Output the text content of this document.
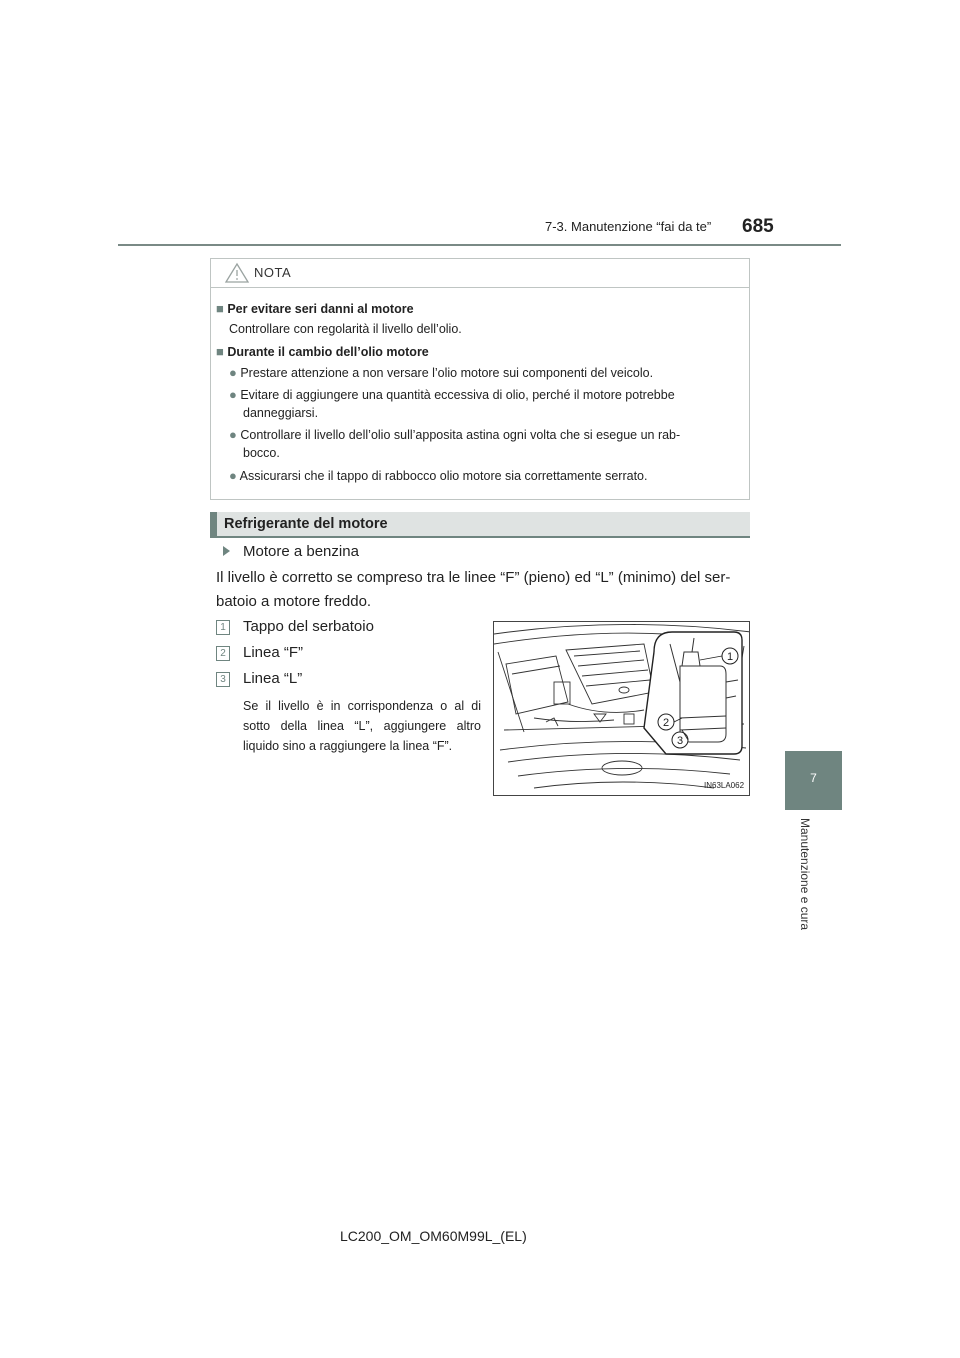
7-3. Manutenzione “fai da te” 685
7
Manutenzione e cura
NOTA
■ Per evitare seri danni al motore
Controllare con regolarità il livello dell’olio.
■ Durante il cambio dell’olio motore
● Prestare attenzione a non versare l’olio motore sui componenti del veicolo.
● Evitare di aggiungere una quantità eccessiva di olio, perché il motore potrebbe
danneggiarsi.
● Controllare il livello dell’olio sull’apposita astina ogni volta che si esegue un rab-
bocco.
● Assicurarsi che il tappo di rabbocco olio motore sia correttamente serrato.
Refrigerante del motore
Motore a benzina
Il livello è corretto se compreso tra le linee “F” (pieno) ed “L” (minimo) del ser-
batoio a motore freddo.
1 Tappo del serbatoio
2 Linea “F”
3 Linea “L”
Se il livello è in corrispondenza o al di sotto della linea “L”, aggiungere altro liquido sino a raggiungere la linea “F”.
1
2
3
IN63LA062
LC200_OM_OM60M99L_(EL)
